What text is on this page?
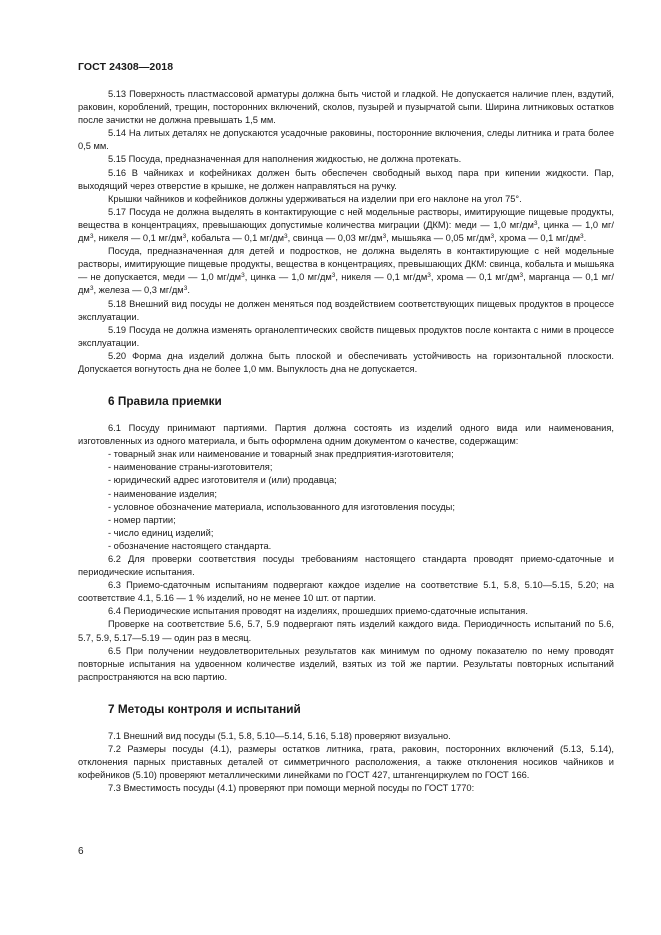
ГОСТ 24308—2018

5.13 Поверхность пластмассовой арматуры должна быть чистой и гладкой. Не допускается наличие плен, вздутий, раковин, короблений, трещин, посторонних включений, сколов, пузырей и пузырчатой сыпи. Ширина литниковых остатков после зачистки не должна превышать 1,5 мм.

5.14 На литых деталях не допускаются усадочные раковины, посторонние включения, следы литника и грата более 0,5 мм.

5.15 Посуда, предназначенная для наполнения жидкостью, не должна протекать.

5.16 В чайниках и кофейниках должен быть обеспечен свободный выход пара при кипении жидкости. Пар, выходящий через отверстие в крышке, не должен направляться на ручку.

Крышки чайников и кофейников должны удерживаться на изделии при его наклоне на угол 75°.

5.17 Посуда не должна выделять в контактирующие с ней модельные растворы, имитирующие пищевые продукты, вещества в концентрациях, превышающих допустимые количества миграции (ДКМ): меди — 1,0 $мг/дм^3$, цинка — 1,0 $мг/дм^3$, никеля — 0,1 $мг/дм^3$, кобальта — 0,1 $мг/дм^3$, свинца — 0,03 $мг/дм^3$, мышьяка — 0,05 $мг/дм^3$, хрома — 0,1 $мг/дм^3$.

Посуда, предназначенная для детей и подростков, не должна выделять в контактирующие с ней модельные растворы, имитирующие пищевые продукты, вещества в концентрациях, превышающих ДКМ: свинца, кобальта и мышьяка — не допускается, меди — 1,0 $мг/дм^3$, цинка — 1,0 $мг/дм^3$, никеля — 0,1 $мг/дм^3$, хрома — 0,1 $мг/дм^3$, марганца — 0,1 $мг/дм^3$, железа — 0,3 $мг/дм^3$.

5.18 Внешний вид посуды не должен меняться под воздействием соответствующих пищевых продуктов в процессе эксплуатации.

5.19 Посуда не должна изменять органолептических свойств пищевых продуктов после контакта с ними в процессе эксплуатации.

5.20 Форма дна изделий должна быть плоской и обеспечивать устойчивость на горизонтальной плоскости. Допускается вогнутость дна не более 1,0 мм. Выпуклость дна не допускается.

6 Правила приемки

6.1 Посуду принимают партиями. Партия должна состоять из изделий одного вида или наименования, изготовленных из одного материала, и быть оформлена одним документом о качестве, содержащим:

- товарный знак или наименование и товарный знак предприятия-изготовителя;

- наименование страны-изготовителя;

- юридический адрес изготовителя и (или) продавца;

- наименование изделия;

- условное обозначение материала, использованного для изготовления посуды;

- номер партии;

- число единиц изделий;

- обозначение настоящего стандарта.

6.2 Для проверки соответствия посуды требованиям настоящего стандарта проводят приемо-сдаточные и периодические испытания.

6.3 Приемо-сдаточным испытаниям подвергают каждое изделие на соответствие 5.1, 5.8, 5.10—5.15, 5.20; на соответствие 4.1, 5.16 — 1 % изделий, но не менее 10 шт. от партии.

6.4 Периодические испытания проводят на изделиях, прошедших приемо-сдаточные испытания.

Проверке на соответствие 5.6, 5.7, 5.9 подвергают пять изделий каждого вида. Периодичность испытаний по 5.6, 5.7, 5.9, 5.17—5.19 — один раз в месяц.

6.5 При получении неудовлетворительных результатов как минимум по одному показателю по нему проводят повторные испытания на удвоенном количестве изделий, взятых из той же партии. Результаты повторных испытаний распространяются на всю партию.

7 Методы контроля и испытаний

7.1 Внешний вид посуды (5.1, 5.8, 5.10—5.14, 5.16, 5.18) проверяют визуально.

7.2 Размеры посуды (4.1), размеры остатков литника, грата, раковин, посторонних включений (5.13, 5.14), отклонения парных приставных деталей от симметричного расположения, а также отклонения носиков чайников и кофейников (5.10) проверяют металлическими линейками по ГОСТ 427, штангенциркулем по ГОСТ 166.

7.3 Вместимость посуды (4.1) проверяют при помощи мерной посуды по ГОСТ 1770:

6
